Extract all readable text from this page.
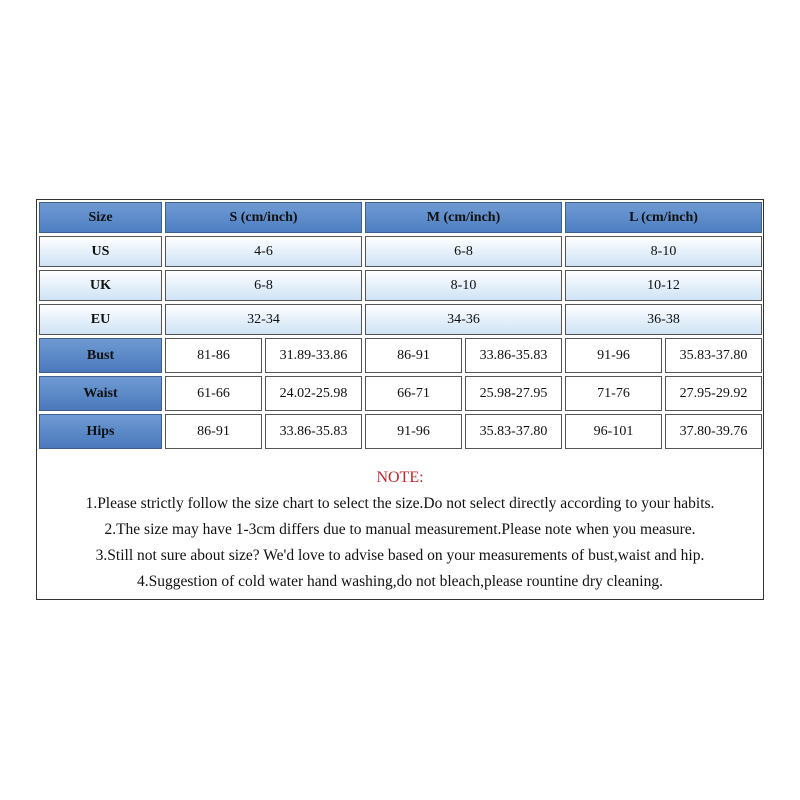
Size	S (cm/inch)	M (cm/inch)	L (cm/inch)
US	4-6	6-8	8-10
UK	6-8	8-10	10-12
EU	32-34	34-36	36-38
Bust	81-86	31.89-33.86	86-91	33.86-35.83	91-96	35.83-37.80
Waist	61-66	24.02-25.98	66-71	25.98-27.95	71-76	27.95-29.92
Hips	86-91	33.86-35.83	91-96	35.83-37.80	96-101	37.80-39.76
NOTE:
1.Please strictly follow the size chart to select the size.Do not select directly according to your habits.
2.The size may have 1-3cm differs due to manual measurement.Please note when you measure.
3.Still not sure about size? We'd love to advise based on your measurements of bust,waist and hip.
4.Suggestion of cold water hand washing,do not bleach,please rountine dry cleaning.
